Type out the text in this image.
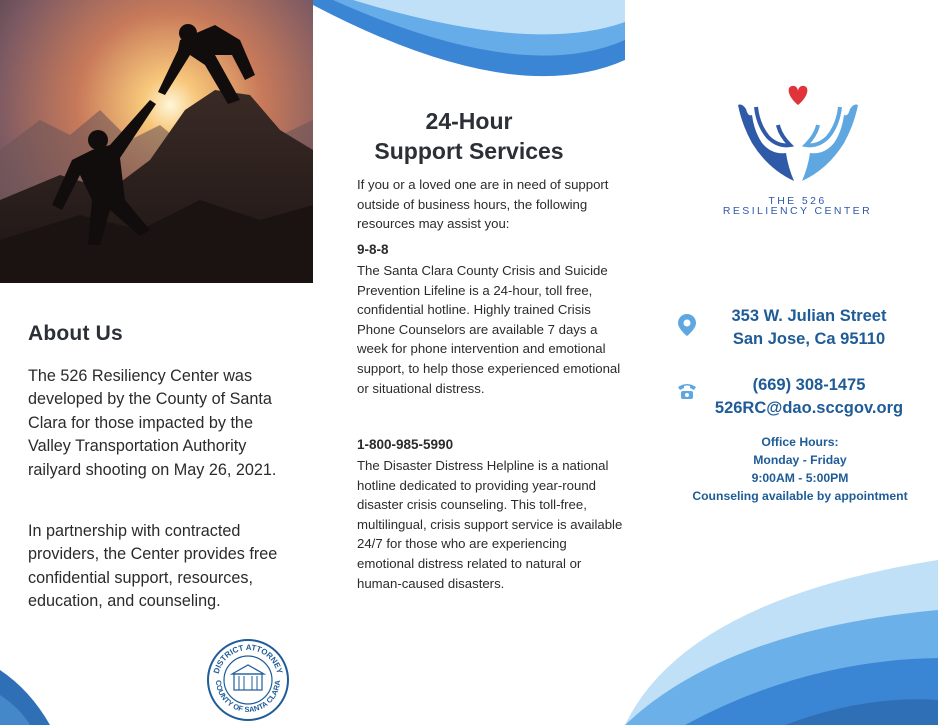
About Us

The 526 Resiliency Center was developed by the County of Santa Clara for those impacted by the Valley Transportation Authority railyard shooting on May 26, 2021.

In partnership with contracted providers, the Center provides free confidential support, resources, education, and counseling.

DISTRICT ATTORNEY
COUNTY OF SANTA CLARA
24-Hour
Support Services

If you or a loved one are in need of support outside of business hours, the following resources may assist you:

9-8-8

The Santa Clara County Crisis and Suicide Prevention Lifeline is a 24-hour, toll free, confidential hotline. Highly trained Crisis Phone Counselors are available 7 days a week for phone intervention and emotional support, to help those experienced emotional or situational distress.

1-800-985-5990

The Disaster Distress Helpline is a national hotline dedicated to providing year-round disaster crisis counseling. This toll-free, multilingual, crisis support service is available 24/7 for those who are experiencing emotional distress related to natural or human-caused disasters.

THE 526
RESILIENCY CENTER
353 W. Julian Street
San Jose, Ca 95110
(669) 308-1475
526RC@dao.sccgov.org
Office Hours:
Monday - Friday
9:00AM - 5:00PM
Counseling available by appointment
